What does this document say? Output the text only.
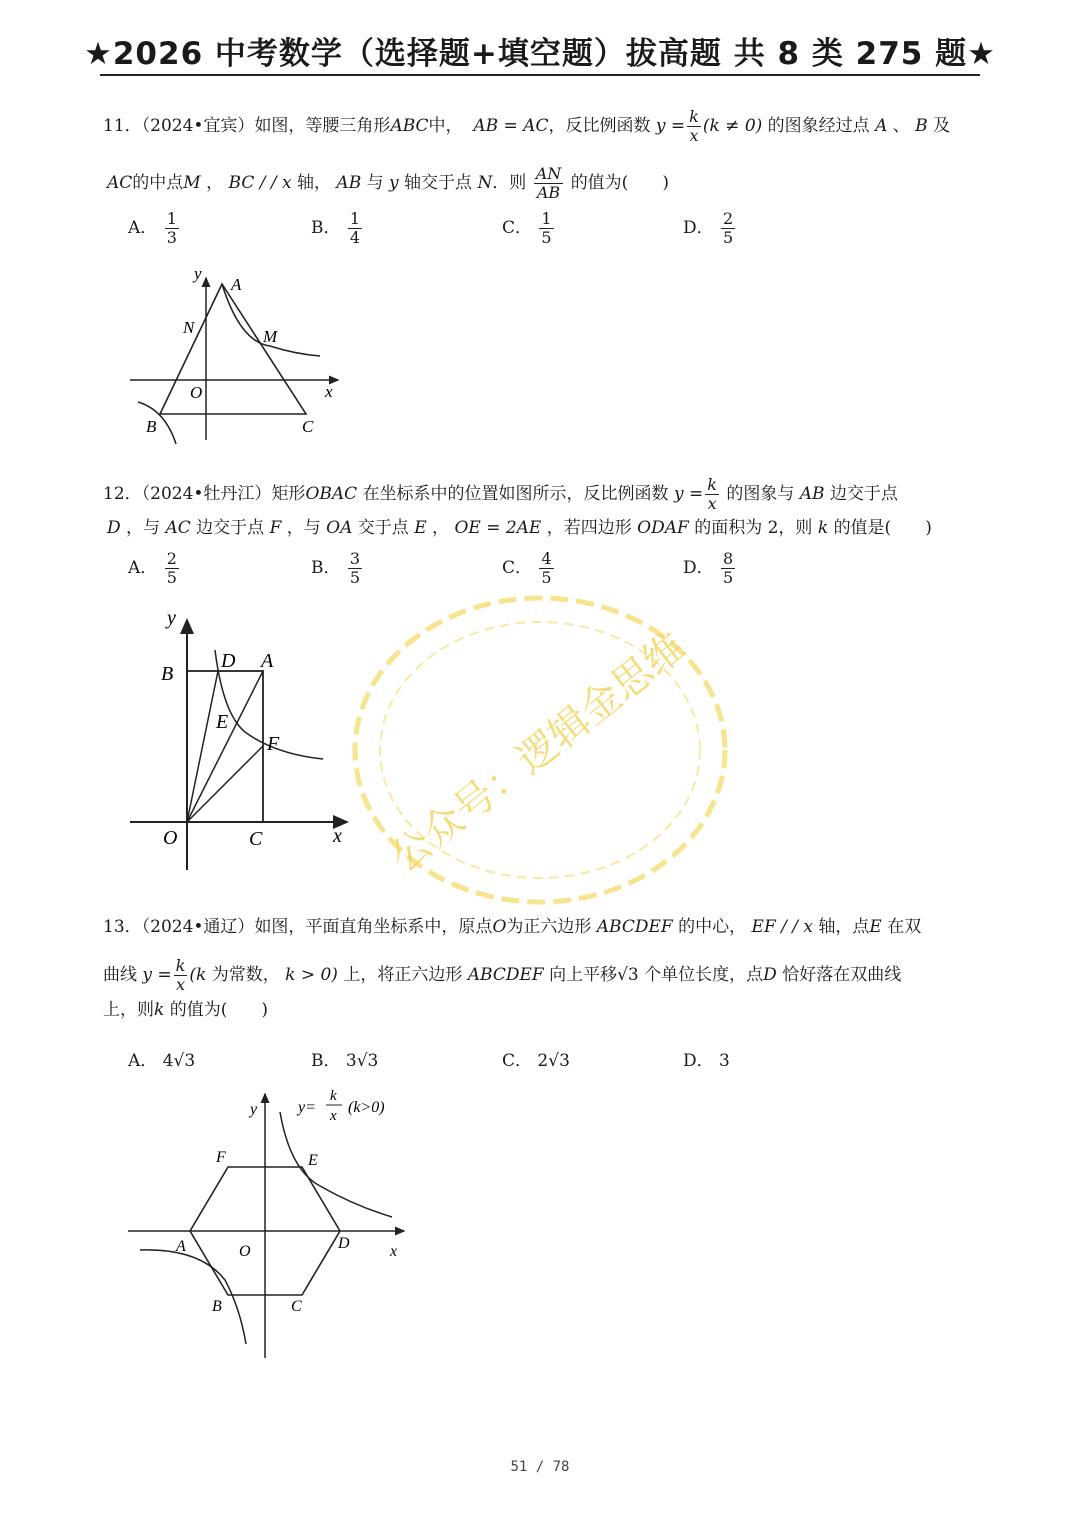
★2026 中考数学（选择题+填空题）拔高题 共 8 类 275 题★
公众号：逻辑金思维
11．（2024•宜宾）如图，等腰三角形ABC中， AB = AC，反比例函数 $y = \frac{k}{x} (k \ne 0)$ 的图象经过点 A 、 B 及
AC的中点M ， BC / / x 轴， AB 与 y 轴交于点 N．则 $\frac{AN}{AB}$ 的值为(　　)
A． $\frac{1}{3}$	B． $\frac{1}{4}$	C． $\frac{1}{5}$	D． $\frac{2}{5}$
y
x
O
A
N	M
B	C
12．（2024•牡丹江）矩形OBAC 在坐标系中的位置如图所示，反比例函数 $y = \frac{k}{x}$ 的图象与 AB 边交于点
D ，与 AC 边交于点 F ，与 OA 交于点 E ， OE = 2AE ，若四边形 ODAF 的面积为 2，则 k 的值是(　　)
A． $\frac{2}{5}$	B． $\frac{3}{5}$	C． $\frac{4}{5}$	D． $\frac{8}{5}$
y
x
O
B
D A
E
F
C
13．（2024•通辽）如图，平面直角坐标系中，原点O为正六边形 ABCDEF 的中心， EF / / x 轴，点E 在双
曲线 $y = \frac{k}{x} (k$ 为常数， k > 0) 上，将正六边形 ABCDEF 向上平移√3 个单位长度，点D 恰好落在双曲线
上，则k 的值为(　　)
A． 4√3	B． 3√3	C． 2√3	D． 3
y
x
O
A
B	C
D
E
F
y=
k
x (k>0)
51 / 78
